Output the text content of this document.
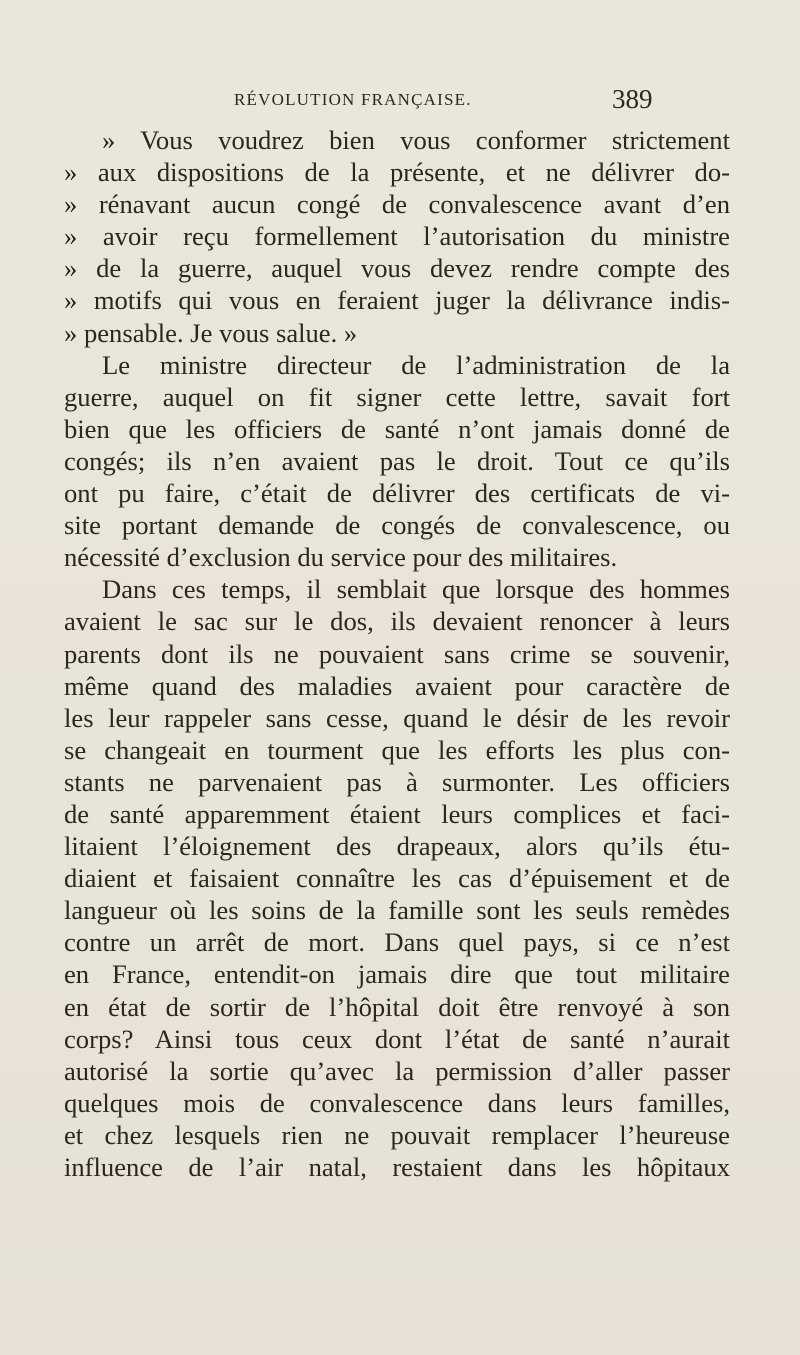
RÉVOLUTION FRANÇAISE.	389
» Vous voudrez bien vous conformer strictement
» aux dispositions de la présente, et ne délivrer do-
» rénavant aucun congé de convalescence avant d’en
» avoir reçu formellement l’autorisation du ministre
» de la guerre, auquel vous devez rendre compte des
» motifs qui vous en feraient juger la délivrance indis-
» pensable. Je vous salue. »
Le ministre directeur de l’administration de la
guerre, auquel on fit signer cette lettre, savait fort
bien que les officiers de santé n’ont jamais donné de
congés; ils n’en avaient pas le droit. Tout ce qu’ils
ont pu faire, c’était de délivrer des certificats de vi-
site portant demande de congés de convalescence, ou
nécessité d’exclusion du service pour des militaires.
Dans ces temps, il semblait que lorsque des hommes
avaient le sac sur le dos, ils devaient renoncer à leurs
parents dont ils ne pouvaient sans crime se souvenir,
même quand des maladies avaient pour caractère de
les leur rappeler sans cesse, quand le désir de les revoir
se changeait en tourment que les efforts les plus con-
stants ne parvenaient pas à surmonter. Les officiers
de santé apparemment étaient leurs complices et faci-
litaient l’éloignement des drapeaux, alors qu’ils étu-
diaient et faisaient connaître les cas d’épuisement et de
langueur où les soins de la famille sont les seuls remèdes
contre un arrêt de mort. Dans quel pays, si ce n’est
en France, entendit-on jamais dire que tout militaire
en état de sortir de l’hôpital doit être renvoyé à son
corps? Ainsi tous ceux dont l’état de santé n’aurait
autorisé la sortie qu’avec la permission d’aller passer
quelques mois de convalescence dans leurs familles,
et chez lesquels rien ne pouvait remplacer l’heureuse
influence de l’air natal, restaient dans les hôpitaux
